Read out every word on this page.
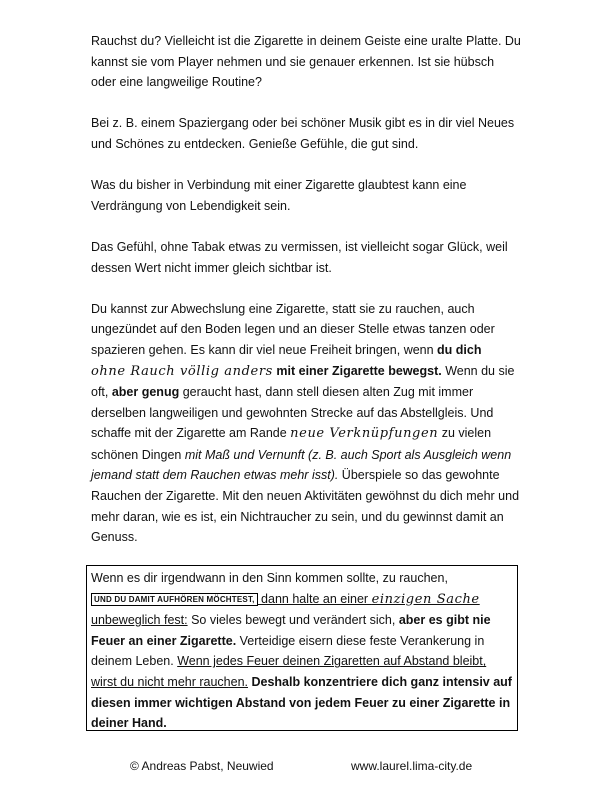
Rauchst du? Vielleicht ist die Zigarette in deinem Geiste eine uralte Platte. Du kannst sie vom Player nehmen und sie genauer erkennen. Ist sie hübsch oder eine langweilige Routine?

Bei z. B. einem Spaziergang oder bei schöner Musik gibt es in dir viel Neues und Schönes zu entdecken. Genieße Gefühle, die gut sind.

Was du bisher in Verbindung mit einer Zigarette glaubtest kann eine Verdrängung von Lebendigkeit sein.

Das Gefühl, ohne Tabak etwas zu vermissen, ist vielleicht sogar Glück, weil dessen Wert nicht immer gleich sichtbar ist.

Du kannst zur Abwechslung eine Zigarette, statt sie zu rauchen, auch ungezündet auf den Boden legen und an dieser Stelle etwas tanzen oder spazieren gehen. Es kann dir viel neue Freiheit bringen, wenn du dich
ohne Rauch völlig anders mit einer Zigarette bewegst. Wenn du sie oft, aber genug geraucht hast, dann stell diesen alten Zug mit immer derselben langweiligen und gewohnten Strecke auf das Abstellgleis. Und schaffe mit der Zigarette am Rande neue Verknüpfungen zu vielen schönen Dingen mit Maß und Vernunft (z. B. auch Sport als Ausgleich wenn jemand statt dem Rauchen etwas mehr isst). Überspiele so das gewohnte Rauchen der Zigarette. Mit den neuen Aktivitäten gewöhnst du dich mehr und mehr daran, wie es ist, ein Nichtraucher zu sein, und du gewinnst damit an Genuss.

Wenn es dir irgendwann in den Sinn kommen sollte, zu rauchen,
UND DU DAMIT AUFHÖREN MÖCHTEST, dann halte an einer einzigen Sache
unbeweglich fest: So vieles bewegt und verändert sich, aber es gibt nie Feuer an einer Zigarette. Verteidige eisern diese feste Verankerung in deinem Leben. Wenn jedes Feuer deinen Zigaretten auf Abstand bleibt, wirst du nicht mehr rauchen. Deshalb konzentriere dich ganz intensiv auf diesen immer wichtigen Abstand von jedem Feuer zu einer Zigarette in deiner Hand.
© Andreas Pabst, Neuwied	www.laurel.lima-city.de
